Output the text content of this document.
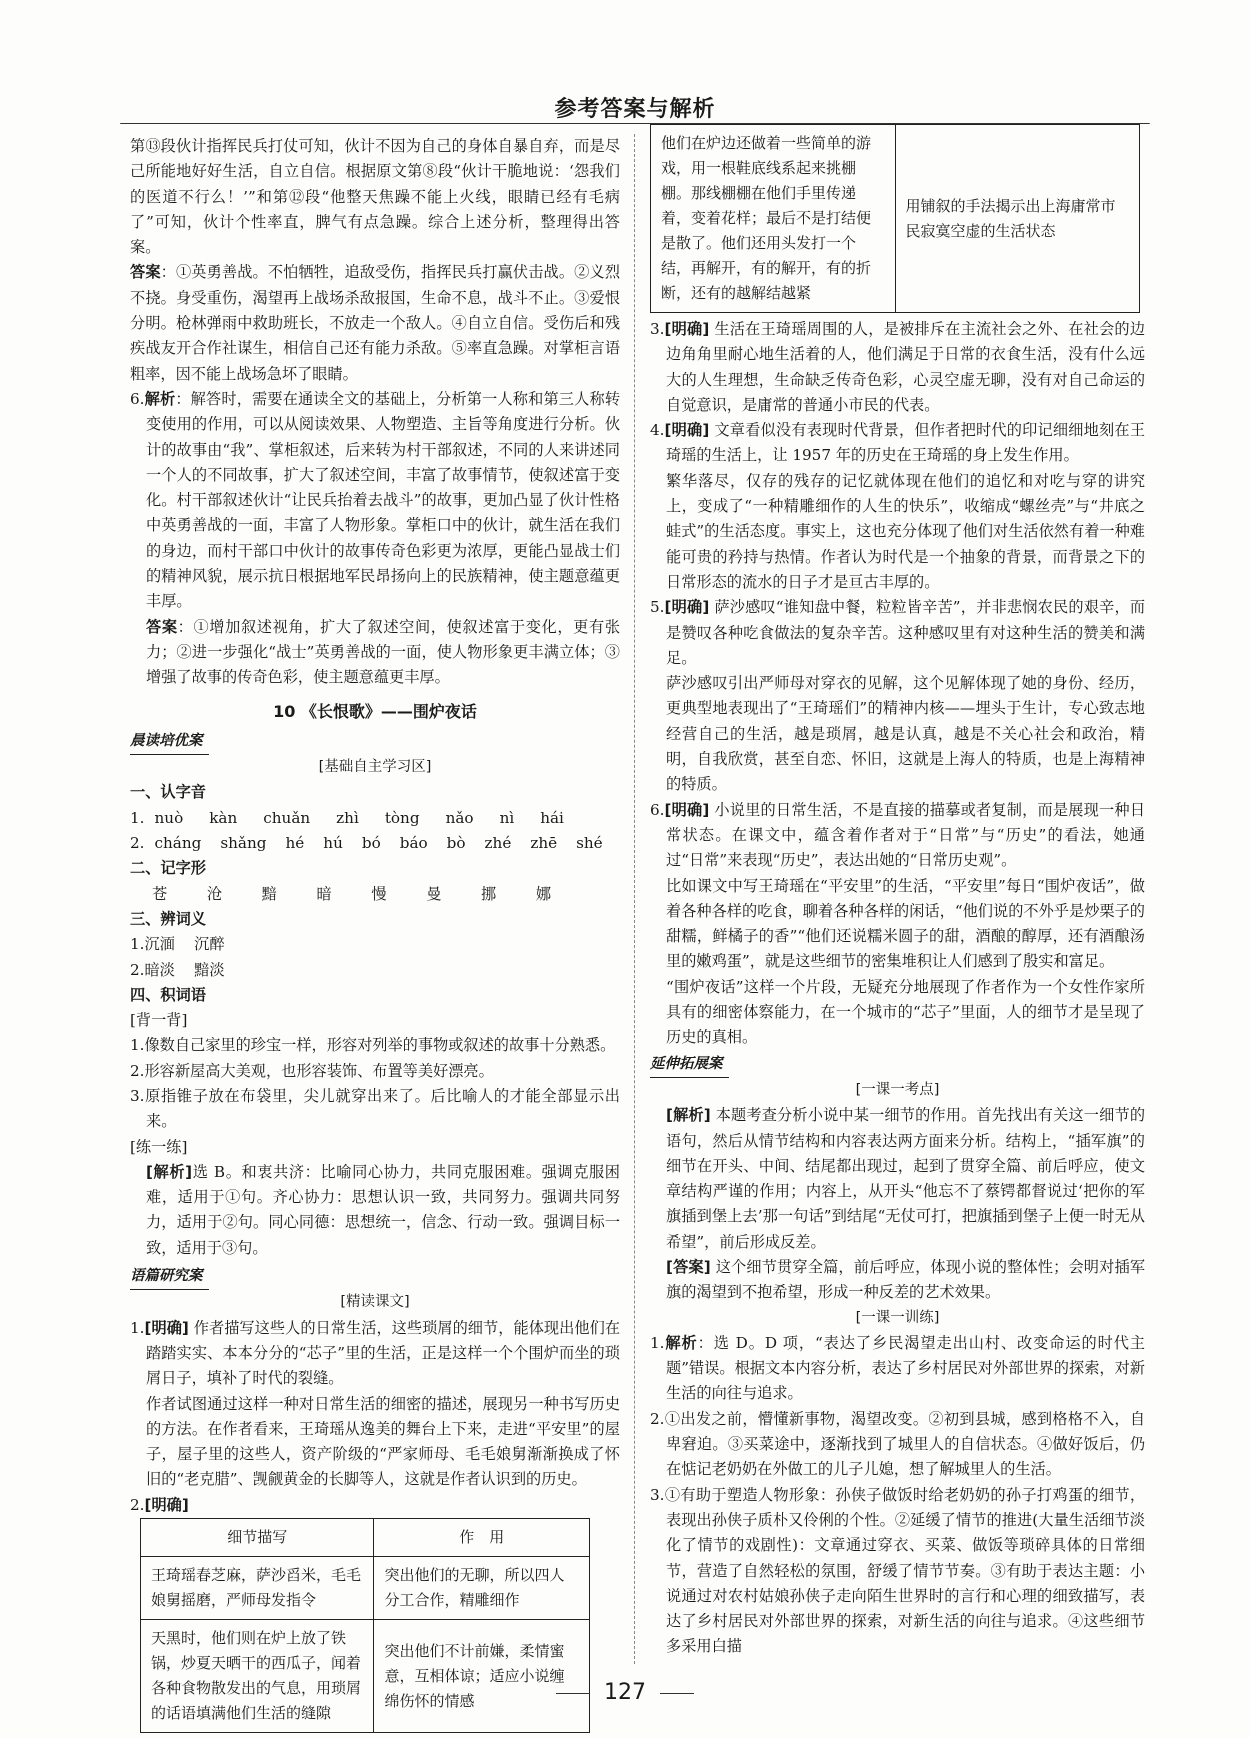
参考答案与解析

第⑬段伙计指挥民兵打仗可知，伙计不因为自己的身体自暴自弃，而是尽己所能地好好生活，自立自信。根据原文第⑧段“伙计干脆地说：‘怨我们的医道不行么！’”和第⑫段“他整天焦躁不能上火线，眼睛已经有毛病了”可知，伙计个性率直，脾气有点急躁。综合上述分析，整理得出答案。

答案：①英勇善战。不怕牺牲，追敌受伤，指挥民兵打赢伏击战。②义烈不挠。身受重伤，渴望再上战场杀敌报国，生命不息，战斗不止。③爱恨分明。枪林弹雨中救助班长，不放走一个敌人。④自立自信。受伤后和残疾战友开合作社谋生，相信自己还有能力杀敌。⑤率直急躁。对掌柜言语粗率，因不能上战场急坏了眼睛。

6.解析：解答时，需要在通读全文的基础上，分析第一人称和第三人称转变使用的作用，可以从阅读效果、人物塑造、主旨等角度进行分析。伙计的故事由“我”、掌柜叙述，后来转为村干部叙述，不同的人来讲述同一个人的不同故事，扩大了叙述空间，丰富了故事情节，使叙述富于变化。村干部叙述伙计“让民兵抬着去战斗”的故事，更加凸显了伙计性格中英勇善战的一面，丰富了人物形象。掌柜口中的伙计，就生活在我们的身边，而村干部口中伙计的故事传奇色彩更为浓厚，更能凸显战士们的精神风貌，展示抗日根据地军民昂扬向上的民族精神，使主题意蕴更丰厚。

答案：①增加叙述视角，扩大了叙述空间，使叙述富于变化，更有张力；②进一步强化“战士”英勇善战的一面，使人物形象更丰满立体；③增强了故事的传奇色彩，使主题意蕴更丰厚。

10 《长恨歌》——围炉夜话
晨读培优案
[基础自主学习区]

一、认字音

1. nuò kàn chuǎn zhì tòng nǎo nì hái
2. cháng shǎng hé hú bó báo bò zhé zhē shé

二、记字形

苍  沧  黯  暗  慢  曼  挪  娜

三、辨词义

1.沉湎    沉醉

2.暗淡    黯淡

四、积词语

[背一背]

1.像数自己家里的珍宝一样，形容对列举的事物或叙述的故事十分熟悉。

2.形容新屋高大美观，也形容装饰、布置等美好漂亮。

3.原指锥子放在布袋里，尖儿就穿出来了。后比喻人的才能全部显示出来。

[练一练]

[解析]选 B。和衷共济：比喻同心协力，共同克服困难。强调克服困难，适用于①句。齐心协力：思想认识一致，共同努力。强调共同努力，适用于②句。同心同德：思想统一，信念、行动一致。强调目标一致，适用于③句。

语篇研究案
[精读课文]

1.[明确] 作者描写这些人的日常生活，这些琐屑的细节，能体现出他们在踏踏实实、本本分分的“芯子”里的生活，正是这样一个个围炉而坐的琐屑日子，填补了时代的裂缝。

作者试图通过这样一种对日常生活的细密的描述，展现另一种书写历史的方法。在作者看来，王琦瑶从逸美的舞台上下来，走进“平安里”的屋子，屋子里的这些人，资产阶级的“严家师母、毛毛娘舅渐渐换成了怀旧的“老克腊”、觊觎黄金的长脚等人，这就是作者认识到的历史。

2.[明确]

细节描写	作　用
王琦瑶春芝麻，萨沙舀米，毛毛娘舅摇磨，严师母发指令	突出他们的无聊，所以四人分工合作，精雕细作
天黑时，他们则在炉上放了铁锅，炒夏天晒干的西瓜子，闻着各种食物散发出的气息，用琐屑的话语填满他们生活的缝隙	突出他们不计前嫌，柔情蜜意，互相体谅；适应小说缠绵伤怀的情感
他们在炉边还做着一些简单的游戏，用一根鞋底线系起来挑棚棚。那线棚棚在他们手里传递着，变着花样；最后不是打结便是散了。他们还用头发打一个结，再解开，有的解开，有的折断，还有的越解结越紧	用铺叙的手法揭示出上海庸常市民寂寞空虚的生活状态

3.[明确] 生活在王琦瑶周围的人，是被排斥在主流社会之外、在社会的边边角角里耐心地生活着的人，他们满足于日常的衣食生活，没有什么远大的人生理想，生命缺乏传奇色彩，心灵空虚无聊，没有对自己命运的自觉意识，是庸常的普通小市民的代表。

4.[明确] 文章看似没有表现时代背景，但作者把时代的印记细细地刻在王琦瑶的生活上，让 1957 年的历史在王琦瑶的身上发生作用。

繁华落尽，仅存的残存的记忆就体现在他们的追忆和对吃与穿的讲究上，变成了“一种精雕细作的人生的快乐”，收缩成“螺丝壳”与“井底之蛙式”的生活态度。事实上，这也充分体现了他们对生活依然有着一种难能可贵的矜持与热情。作者认为时代是一个抽象的背景，而背景之下的日常形态的流水的日子才是亘古丰厚的。

5.[明确] 萨沙感叹“谁知盘中餐，粒粒皆辛苦”，并非悲悯农民的艰辛，而是赞叹各种吃食做法的复杂辛苦。这种感叹里有对这种生活的赞美和满足。

萨沙感叹引出严师母对穿衣的见解，这个见解体现了她的身份、经历，更典型地表现出了“王琦瑶们”的精神内核——埋头于生计，专心致志地经营自己的生活，越是琐屑，越是认真，越是不关心社会和政治，精明，自我欣赏，甚至自恋、怀旧，这就是上海人的特质，也是上海精神的特质。

6.[明确] 小说里的日常生活，不是直接的描摹或者复制，而是展现一种日常状态。在课文中，蕴含着作者对于“日常”与“历史”的看法，她通过“日常”来表现“历史”，表达出她的“日常历史观”。

比如课文中写王琦瑶在“平安里”的生活，“平安里”每日“围炉夜话”，做着各种各样的吃食，聊着各种各样的闲话，“他们说的不外乎是炒栗子的甜糯，鲜橘子的香”“他们还说糯米圆子的甜，酒酿的醇厚，还有酒酿汤里的嫩鸡蛋”，就是这些细节的密集堆积让人们感到了殷实和富足。

“围炉夜话”这样一个片段，无疑充分地展现了作者作为一个女性作家所具有的细密体察能力，在一个城市的“芯子”里面，人的细节才是呈现了历史的真相。

延伸拓展案
[一课一考点]

[解析] 本题考查分析小说中某一细节的作用。首先找出有关这一细节的语句，然后从情节结构和内容表达两方面来分析。结构上，“插军旗”的细节在开头、中间、结尾都出现过，起到了贯穿全篇、前后呼应，使文章结构严谨的作用；内容上，从开头“他忘不了蔡锷都督说过‘把你的军旗插到堡上去’那一句话”到结尾“无仗可打，把旗插到堡子上便一时无从希望”，前后形成反差。

[答案] 这个细节贯穿全篇，前后呼应，体现小说的整体性；会明对插军旗的渴望到不抱希望，形成一种反差的艺术效果。

[一课一训练]

1.解析：选 D。D 项，“表达了乡民渴望走出山村、改变命运的时代主题”错误。根据文本内容分析，表达了乡村居民对外部世界的探索，对新生活的向往与追求。

2.①出发之前，懵懂新事物，渴望改变。②初到县城，感到格格不入，自卑窘迫。③买菜途中，逐渐找到了城里人的自信状态。④做好饭后，仍在惦记老奶奶在外做工的儿子儿媳，想了解城里人的生活。

3.①有助于塑造人物形象：孙侠子做饭时给老奶奶的孙子打鸡蛋的细节，表现出孙侠子质朴又伶俐的个性。②延缓了情节的推进(大量生活细节淡化了情节的戏剧性)：文章通过穿衣、买菜、做饭等琐碎具体的日常细节，营造了自然轻松的氛围，舒缓了情节节奏。③有助于表达主题：小说通过对农村姑娘孙侠子走向陌生世界时的言行和心理的细致描写，表达了乡村居民对外部世界的探索，对新生活的向往与追求。④这些细节多采用白描

127
